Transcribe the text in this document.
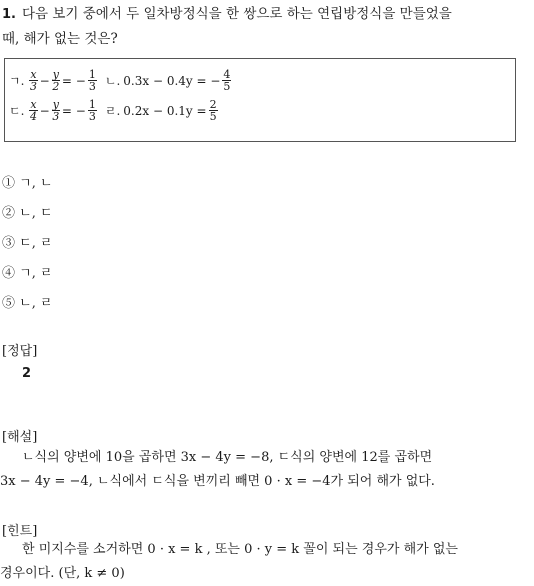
1. 다음 보기 중에서 두 일차방정식을 한 쌍으로 하는 연립방정식을 만들었을
때, 해가 없는 것은?
ㄱ. $\frac{x}{3} - \frac{y}{2}$ = − $\frac{1}{3}$ ㄴ. 0.3x − 0.4y = − $\frac{4}{5}$
ㄷ. $\frac{x}{4} - \frac{y}{3}$ = − $\frac{1}{3}$ ㄹ. $0.2x - 0.1y = \frac{2}{5}$
① ㄱ, ㄴ
② ㄴ, ㄷ
③ ㄷ, ㄹ
④ ㄱ, ㄹ
⑤ ㄴ, ㄹ
[정답]
2
[해설]
ㄴ식의 양변에 10을 곱하면 3x − 4y = −8, ㄷ식의 양변에 12를 곱하면
3x − 4y = −4, ㄴ식에서 ㄷ식을 변끼리 빼면 0 · x = −4가 되어 해가 없다.
[힌트]
한 미지수를 소거하면 0 · x = k , 또는 0 · y = k 꼴이 되는 경우가 해가 없는
경우이다. (단, k ≠ 0)
